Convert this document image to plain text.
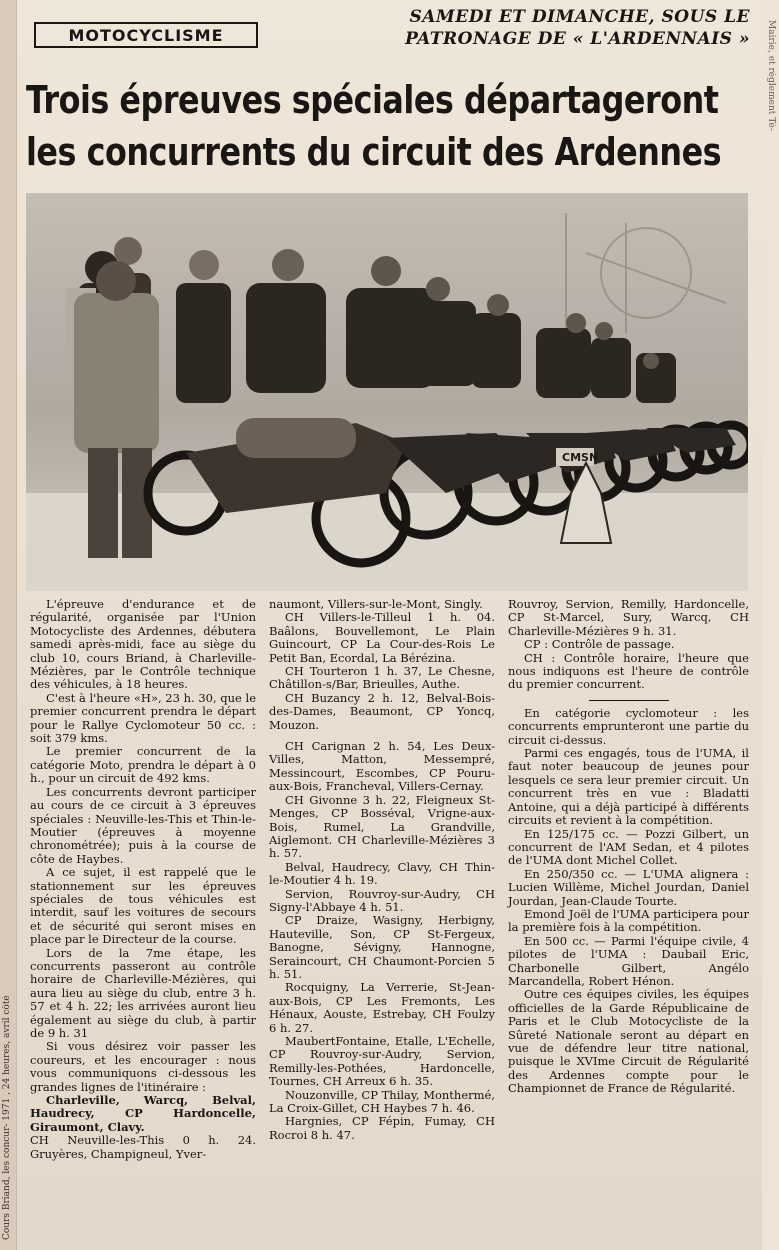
Cours Briand, les concur- 1971 , 24 heures, avril côté
Mairie, et règlement Té-
MOTOCYCLISME
SAMEDI ET DIMANCHE, SOUS LE
PATRONAGE DE « L'ARDENNAIS »
Trois épreuves spéciales départageront
les concurrents du circuit des Ardennes
CMSN

L'épreuve d'endurance et de régularité, organisée par l'Union Motocycliste des Ardennes, débutera samedi après-midi, face au siège du club 10, cours Briand, à Charleville-Mézières, par le Contrôle technique des véhicules, à 18 heures.

C'est à l'heure «H», 23 h. 30, que le premier concurrent prendra le départ pour le Rallye Cyclomoteur 50 cc. : soit 379 kms.

Le premier concurrent de la catégorie Moto, prendra le départ à 0 h., pour un circuit de 492 kms.

Les concurrents devront participer au cours de ce circuit à 3 épreuves spéciales : Neuville-les-This et Thin-le-Moutier (épreuves à moyenne chronométrée); puis à la course de côte de Haybes.

A ce sujet, il est rappelé que le stationnement sur les épreuves spéciales de tous véhicules est interdit, sauf les voitures de secours et de sécurité qui seront mises en place par le Directeur de la course.

Lors de la 7me étape, les concurrents passeront au contrôle horaire de Charleville-Mézières, qui aura lieu au siège du club, entre 3 h. 57 et 4 h. 22; les arrivées auront lieu également au siège du club, à partir de 9 h. 31

Si vous désirez voir passer les coureurs, et les encourager : nous vous communiquons ci-dessous les grandes lignes de l'itinéraire :

Charleville, Warcq, Belval, Haudrecy, CP Hardoncelle, Giraumont, Clavy.

CH Neuville-les-This 0 h. 24. Gruyères, Champigneul, Yver-

naumont, Villers-sur-le-Mont, Singly.

CH Villers-le-Tilleul 1 h. 04. Baâlons, Bouvellemont, Le Plain Guincourt, CP La Cour-des-Rois Le Petit Ban, Ecordal, La Bérézina.

CH Tourteron 1 h. 37, Le Chesne, Châtillon-s/Bar, Brieulles, Authe.

CH Buzancy 2 h. 12, Belval-Bois-des-Dames, Beaumont, CP Yoncq, Mouzon.

CH Carignan 2 h. 54, Les Deux-Villes, Matton, Messempré, Messincourt, Escombes, CP Pouru-aux-Bois, Francheval, Villers-Cernay.

CH Givonne 3 h. 22, Fleigneux St-Menges, CP Bosséval, Vrigne-aux-Bois, Rumel, La Grandville, Aiglemont. CH Charleville-Mézières 3 h. 57.

Belval, Haudrecy, Clavy, CH Thin-le-Moutier 4 h. 19.

Servion, Rouvroy-sur-Audry, CH Signy-l'Abbaye 4 h. 51.

CP Draize, Wasigny, Herbigny, Hauteville, Son, CP St-Fergeux, Banogne, Sévigny, Hannogne, Seraincourt, CH Chaumont-Porcien 5 h. 51.

Rocquigny, La Verrerie, St-Jean-aux-Bois, CP Les Fremonts, Les Hénaux, Aouste, Estrebay, CH Foulzy 6 h. 27.

MaubertFontaine, Etalle, L'Echelle, CP Rouvroy-sur-Audry, Servion, Remilly-les-Pothées, Hardoncelle, Tournes, CH Arreux 6 h. 35.

Nouzonville, CP Thilay, Monthermé, La Croix-Gillet, CH Haybes 7 h. 46.

Hargnies, CP Fépin, Fumay, CH Rocroi 8 h. 47.

Rouvroy, Servion, Remilly, Hardoncelle, CP St-Marcel, Sury, Warcq, CH Charleville-Mézières 9 h. 31.

CP : Contrôle de passage.

CH : Contrôle horaire, l'heure que nous indiquons est l'heure de contrôle du premier concurrent.

En catégorie cyclomoteur : les concurrents emprunteront une partie du circuit ci-dessus.

Parmi ces engagés, tous de l'UMA, il faut noter beaucoup de jeunes pour lesquels ce sera leur premier circuit. Un concurrent très en vue : Bladatti Antoine, qui a déjà participé à différents circuits et revient à la compétition.

En 125/175 cc. — Pozzi Gilbert, un concurrent de l'AM Sedan, et 4 pilotes de l'UMA dont Michel Collet.

En 250/350 cc. — L'UMA alignera : Lucien Willème, Michel Jourdan, Daniel Jourdan, Jean-Claude Tourte.

Emond Joël de l'UMA participera pour la première fois à la compétition.

En 500 cc. — Parmi l'équipe civile, 4 pilotes de l'UMA : Daubail Eric, Charbonelle Gilbert, Angélo Marcandella, Robert Hénon.

Outre ces équipes civiles, les équipes officielles de la Garde Républicaine de Paris et le Club Motocycliste de la Sûreté Nationale seront au départ en vue de défendre leur titre national, puisque le XVIme Circuit de Régularité des Ardennes compte pour le Championnet de France de Régularité.
